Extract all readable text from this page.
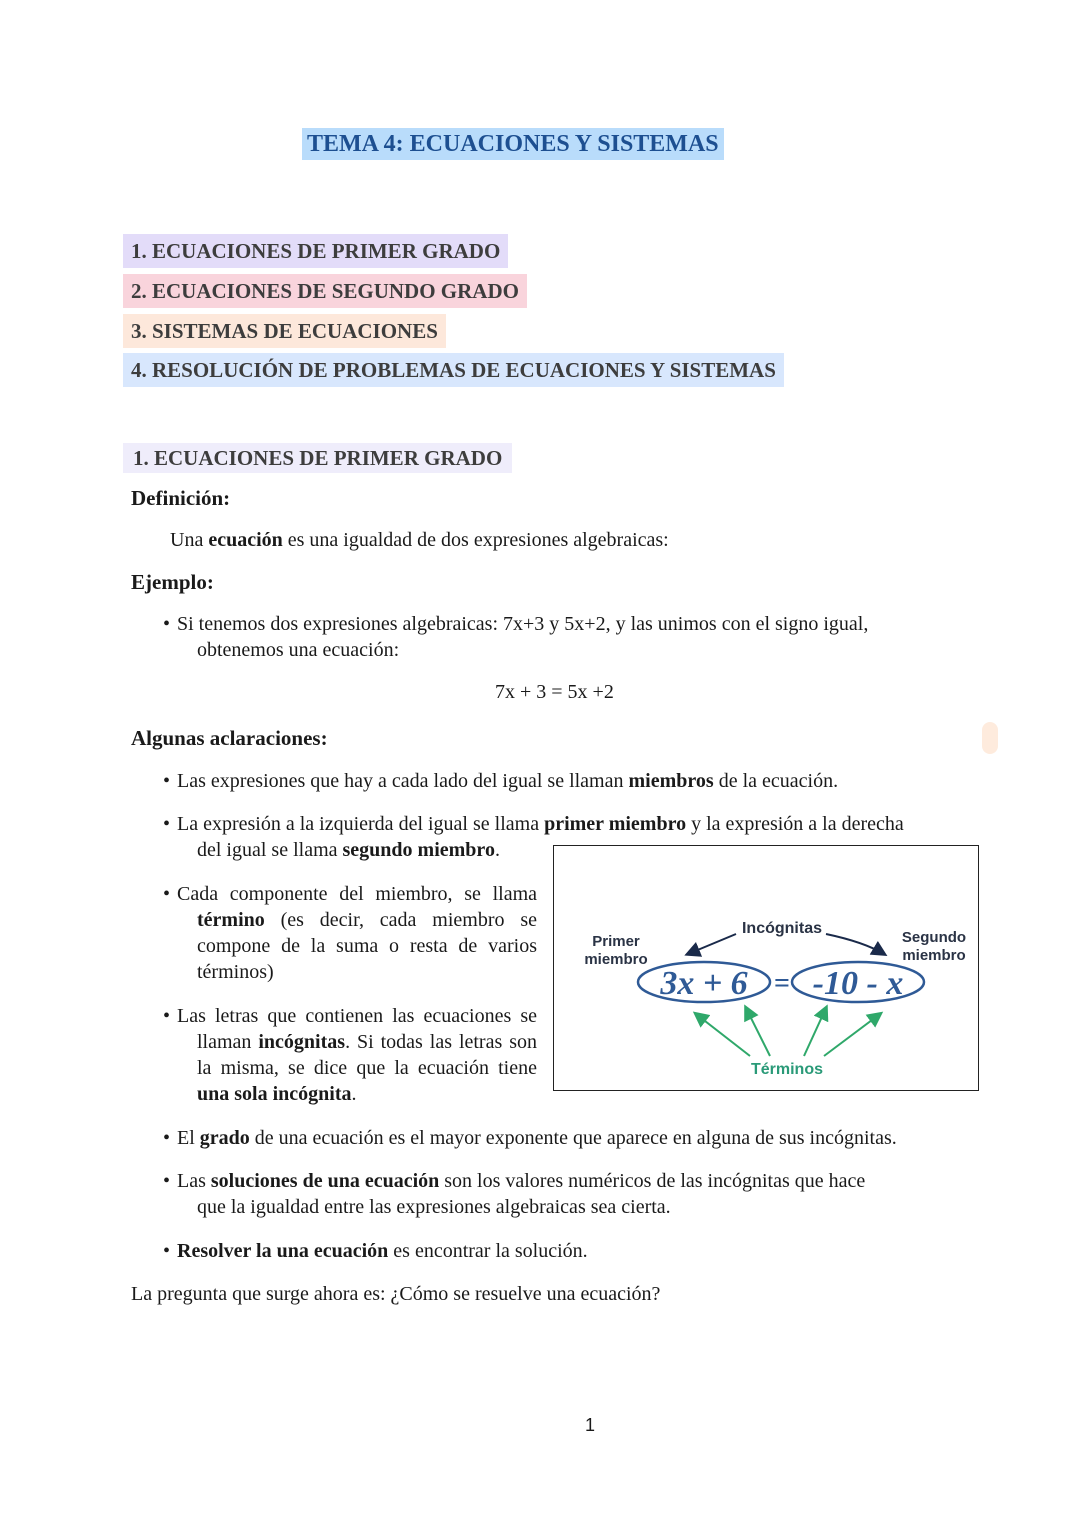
TEMA 4: ECUACIONES Y SISTEMAS
1. ECUACIONES DE PRIMER GRADO
2. ECUACIONES DE SEGUNDO GRADO
3. SISTEMAS DE ECUACIONES
4. RESOLUCIÓN DE PROBLEMAS DE ECUACIONES Y SISTEMAS
1. ECUACIONES DE PRIMER GRADO
Definición:
Una ecuación es una igualdad de dos expresiones algebraicas:
Ejemplo:
• Si tenemos dos expresiones algebraicas: 7x+3 y 5x+2, y las unimos con el signo igual,
obtenemos una ecuación:
7x + 3 = 5x +2
Algunas aclaraciones:
• Las expresiones que hay a cada lado del igual se llaman miembros de la ecuación.
• La expresión a la izquierda del igual se llama primer miembro y la expresión a la derecha
del igual se llama segundo miembro.
• Cada componente del miembro, se llama término (es decir, cada miembro se compone de la suma o resta de varios términos)
• Las letras que contienen las ecuaciones se llaman incógnitas. Si todas las letras son la misma, se dice que la ecuación tiene una sola incógnita.
Primer
miembro
Incógnitas
Segundo
miembro
3x + 6 = -10 - x
Términos
• El grado de una ecuación es el mayor exponente que aparece en alguna de sus incógnitas.
• Las soluciones de una ecuación son los valores numéricos de las incógnitas que hace
que la igualdad entre las expresiones algebraicas sea cierta.
• Resolver la una ecuación es encontrar la solución.
La pregunta que surge ahora es: ¿Cómo se resuelve una ecuación?
1
